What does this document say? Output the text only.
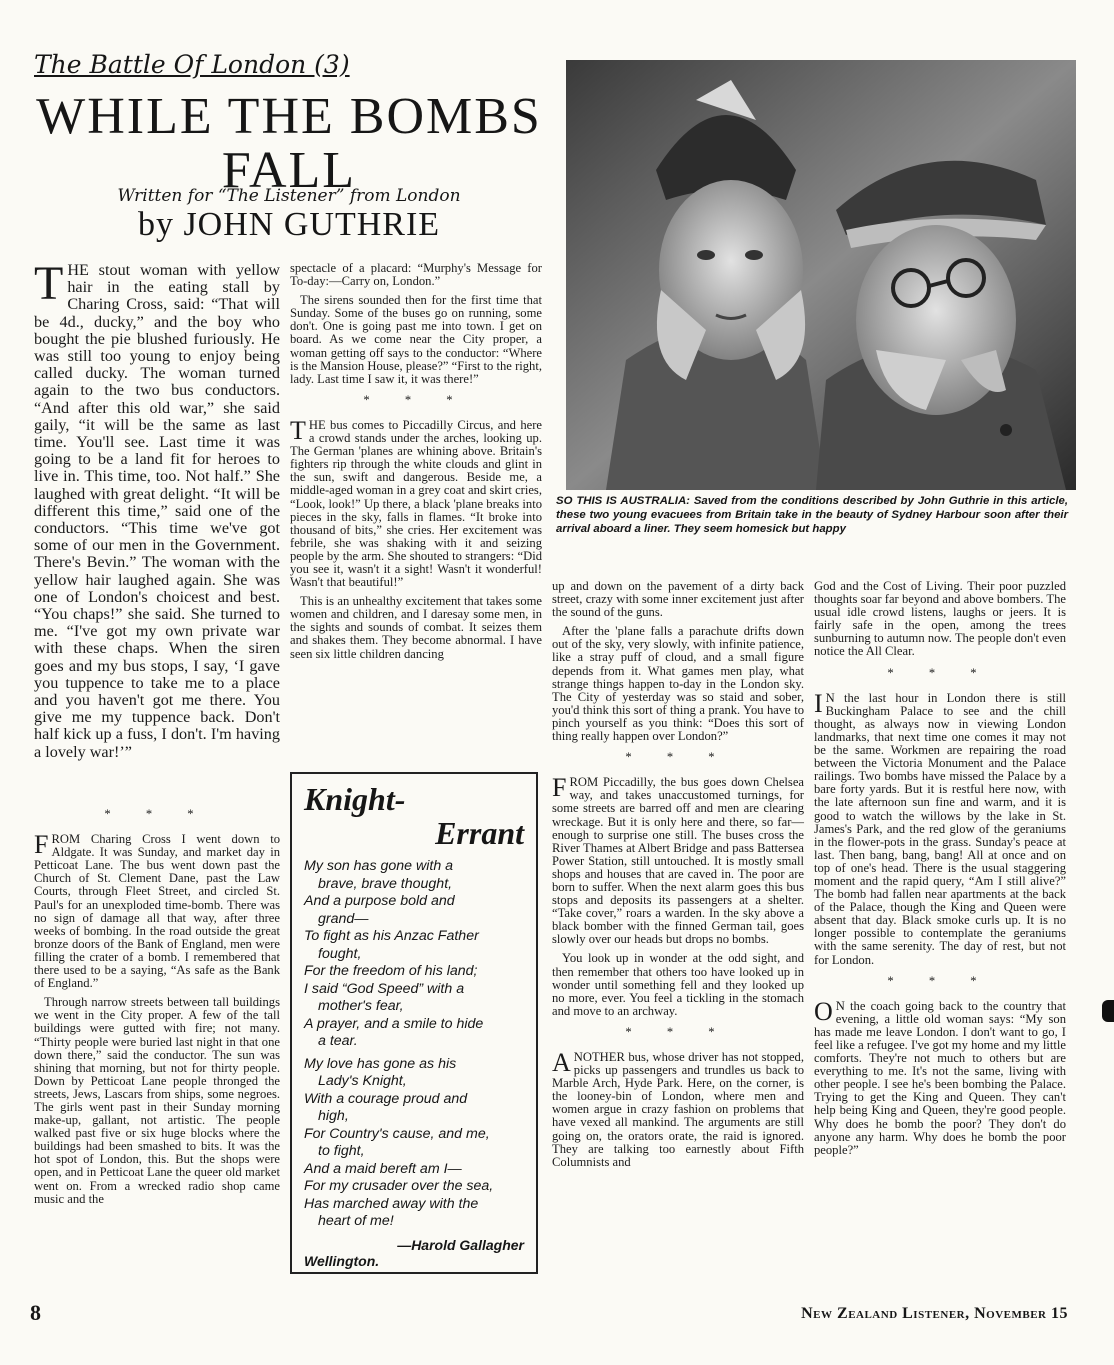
The Battle Of London (3)
WHILE THE BOMBS FALL
Written for “The Listener” from London
by JOHN GUTHRIE

THE stout woman with yellow hair in the eating stall by Charing Cross, said: “That will be 4d., ducky,” and the boy who bought the pie blushed furiously. He was still too young to enjoy being called ducky. The woman turned again to the two bus conductors. “And after this old war,” she said gaily, “it will be the same as last time. You'll see. Last time it was going to be a land fit for heroes to live in. This time, too. Not half.” She laughed with great delight. “It will be different this time,” said one of the conductors. “This time we've got some of our men in the Government. There's Bevin.” The woman with the yellow hair laughed again. She was one of London's choicest and best. “You chaps!” she said. She turned to me. “I've got my own private war with these chaps. When the siren goes and my bus stops, I say, ‘I gave you tuppence to take me to a place and you haven't got me there. You give me my tuppence back. Don't half kick up a fuss, I don't. I'm having a lovely war!’”

* * *

FROM Charing Cross I went down to Aldgate. It was Sunday, and market day in Petticoat Lane. The bus went down past the Church of St. Clement Dane, past the Law Courts, through Fleet Street, and circled St. Paul's for an unexploded time-bomb. There was no sign of damage all that way, after three weeks of bombing. In the road outside the great bronze doors of the Bank of England, men were filling the crater of a bomb. I remembered that there used to be a saying, “As safe as the Bank of England.”

Through narrow streets between tall buildings we went in the City proper. A few of the tall buildings were gutted with fire; not many. “Thirty people were buried last night in that one down there,” said the conductor. The sun was shining that morning, but not for thirty people. Down by Petticoat Lane people thronged the streets, Jews, Lascars from ships, some negroes. The girls went past in their Sunday morning make-up, gallant, not artistic. The people walked past five or six huge blocks where the buildings had been smashed to bits. It was the hot spot of London, this. But the shops were open, and in Petticoat Lane the queer old market went on. From a wrecked radio shop came music and the

spectacle of a placard: “Murphy's Message for To-day:—Carry on, London.”

The sirens sounded then for the first time that Sunday. Some of the buses go on running, some don't. One is going past me into town. I get on board. As we come near the City proper, a woman getting off says to the conductor: “Where is the Mansion House, please?” “First to the right, lady. Last time I saw it, it was there!”

* * *

THE bus comes to Piccadilly Circus, and here a crowd stands under the arches, looking up. The German 'planes are whining above. Britain's fighters rip through the white clouds and glint in the sun, swift and dangerous. Beside me, a middle-aged woman in a grey coat and skirt cries, “Look, look!” Up there, a black 'plane breaks into pieces in the sky, falls in flames. “It broke into thousand of bits,” she cries. Her excitement was febrile, she was shaking with it and seizing people by the arm. She shouted to strangers: “Did you see it, wasn't it a sight! Wasn't it wonderful! Wasn't that beautiful!”

This is an unhealthy excitement that takes some women and children, and I daresay some men, in the sights and sounds of combat. It seizes them and shakes them. They become abnormal. I have seen six little children dancing

SO THIS IS AUSTRALIA: Saved from the conditions described by John Guthrie in this article, these two young evacuees from Britain take in the beauty of Sydney Harbour soon after their arrival aboard a liner. They seem homesick but happy
Knight-
Errant
My son has gone with a
brave, brave thought,
And a purpose bold and
grand—
To fight as his Anzac Father
fought,
For the freedom of his land;
I said “God Speed” with a
mother's fear,
A prayer, and a smile to hide
a tear.
My love has gone as his
Lady's Knight,
With a courage proud and
high,
For Country's cause, and me,
to fight,
And a maid bereft am I—
For my crusader over the sea,
Has marched away with the
heart of me!
—Harold Gallagher
Wellington.

up and down on the pavement of a dirty back street, crazy with some inner excitement just after the sound of the guns.

After the 'plane falls a parachute drifts down out of the sky, very slowly, with infinite patience, like a stray puff of cloud, and a small figure depends from it. What games men play, what strange things happen to-day in the London sky. The City of yesterday was so staid and sober, you'd think this sort of thing a prank. You have to pinch yourself as you think: “Does this sort of thing really happen over London?”

* * *

FROM Piccadilly, the bus goes down Chelsea way, and takes unaccustomed turnings, for some streets are barred off and men are clearing wreckage. But it is only here and there, so far—enough to surprise one still. The buses cross the River Thames at Albert Bridge and pass Battersea Power Station, still untouched. It is mostly small shops and houses that are caved in. The poor are born to suffer. When the next alarm goes this bus stops and deposits its passengers at a shelter. “Take cover,” roars a warden. In the sky above a black bomber with the finned German tail, goes slowly over our heads but drops no bombs.

You look up in wonder at the odd sight, and then remember that others too have looked up in wonder until something fell and they looked up no more, ever. You feel a tickling in the stomach and move to an archway.

* * *

ANOTHER bus, whose driver has not stopped, picks up passengers and trundles us back to Marble Arch, Hyde Park. Here, on the corner, is the looney-bin of London, where men and women argue in crazy fashion on problems that have vexed all mankind. The arguments are still going on, the orators orate, the raid is ignored. They are talking too earnestly about Fifth Columnists and

God and the Cost of Living. Their poor puzzled thoughts soar far beyond and above bombers. The usual idle crowd listens, laughs or jeers. It is fairly safe in the open, among the trees sunburning to autumn now. The people don't even notice the All Clear.

* * *

I N the last hour in London there is still Buckingham Palace to see and the chill thought, as always now in viewing London landmarks, that next time one comes it may not be the same. Workmen are repairing the road between the Victoria Monument and the Palace railings. Two bombs have missed the Palace by a bare forty yards. But it is restful here now, with the late afternoon sun fine and warm, and it is good to watch the willows by the lake in St. James's Park, and the red glow of the geraniums in the flower-pots in the grass. Sunday's peace at last. Then bang, bang, bang! All at once and on top of one's head. There is the usual staggering moment and the rapid query, “Am I still alive?” The bomb had fallen near apartments at the back of the Palace, though the King and Queen were absent that day. Black smoke curls up. It is no longer possible to contemplate the geraniums with the same serenity. The day of rest, but not for London.

* * *

O N the coach going back to the country that evening, a little old woman says: “My son has made me leave London. I don't want to go, I feel like a refugee. I've got my home and my little comforts. They're not much to others but are everything to me. It's not the same, living with other people. I see he's been bombing the Palace. Trying to get the King and Queen. They can't help being King and Queen, they're good people. Why does he bomb the poor? They don't do anyone any harm. Why does he bomb the poor people?”

8	New Zealand Listener, November 15
